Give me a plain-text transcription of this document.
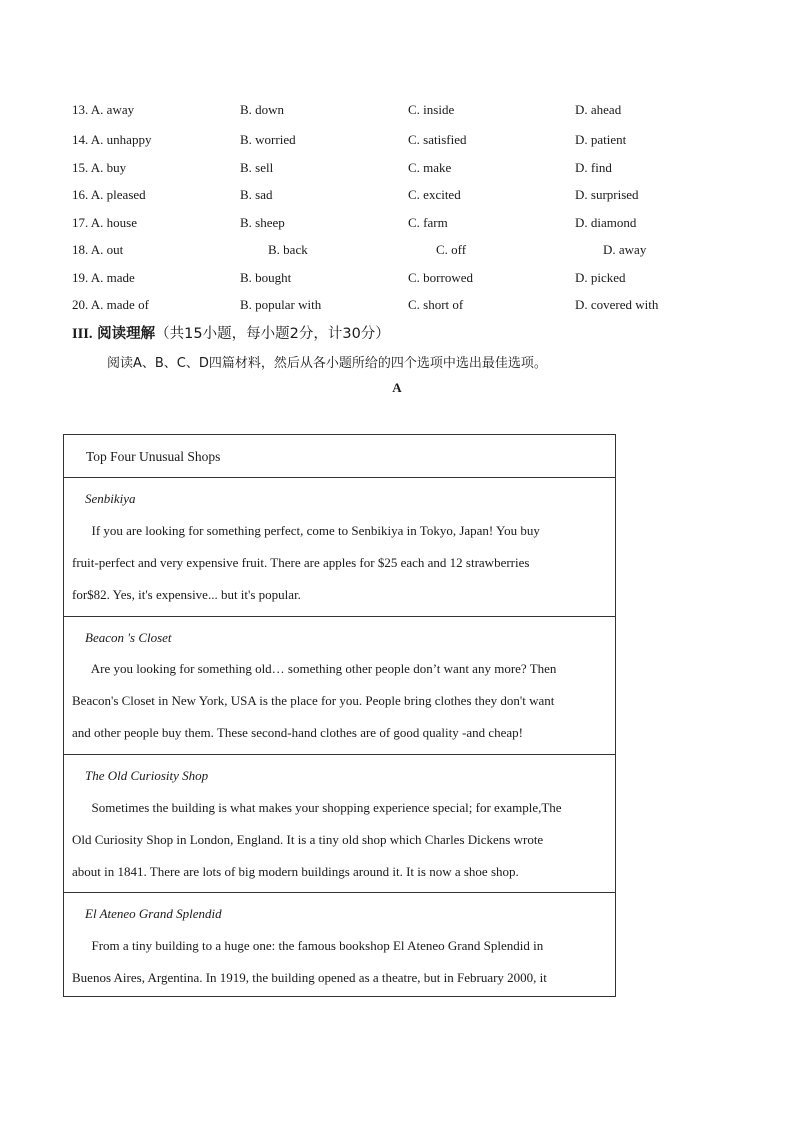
13. A. away	B. down	C. inside	D. ahead
14. A. unhappy	B. worried	C. satisfied	D. patient
15. A. buy	B. sell	C. make	D. find
16. A. pleased	B. sad	C. excited	D. surprised
17. A. house	B. sheep	C. farm	D. diamond
18. A. out	B. back	C. off	D. away
19. A. made	B. bought	C. borrowed	D. picked
20. A. made of	B. popular with	C. short of	D. covered with
III. 阅读理解（共15小题，每小题2分，计30分）
阅读A、B、C、D四篇材料，然后从各小题所给的四个选项中选出最佳选项。
A
Top Four Unusual Shops
Senbikiya
If you are looking for something perfect, come to Senbikiya in Tokyo, Japan! You buy
fruit-perfect and very expensive fruit. There are apples for $25 each and 12 strawberries
for$82. Yes, it's expensive... but it's popular.
Beacon 's Closet
Are you looking for something old… something other people don’t want any more? Then
Beacon's Closet in New York, USA is the place for you. People bring clothes they don't want
and other people buy them. These second-hand clothes are of good quality -and cheap!
The Old Curiosity Shop
Sometimes the building is what makes your shopping experience special; for example,The
Old Curiosity Shop in London, England. It is a tiny old shop which Charles Dickens wrote
about in 1841. There are lots of big modern buildings around it. It is now a shoe shop.
El Ateneo Grand Splendid
From a tiny building to a huge one: the famous bookshop El Ateneo Grand Splendid in
Buenos Aires, Argentina. In 1919, the building opened as a theatre, but in February 2000, it
